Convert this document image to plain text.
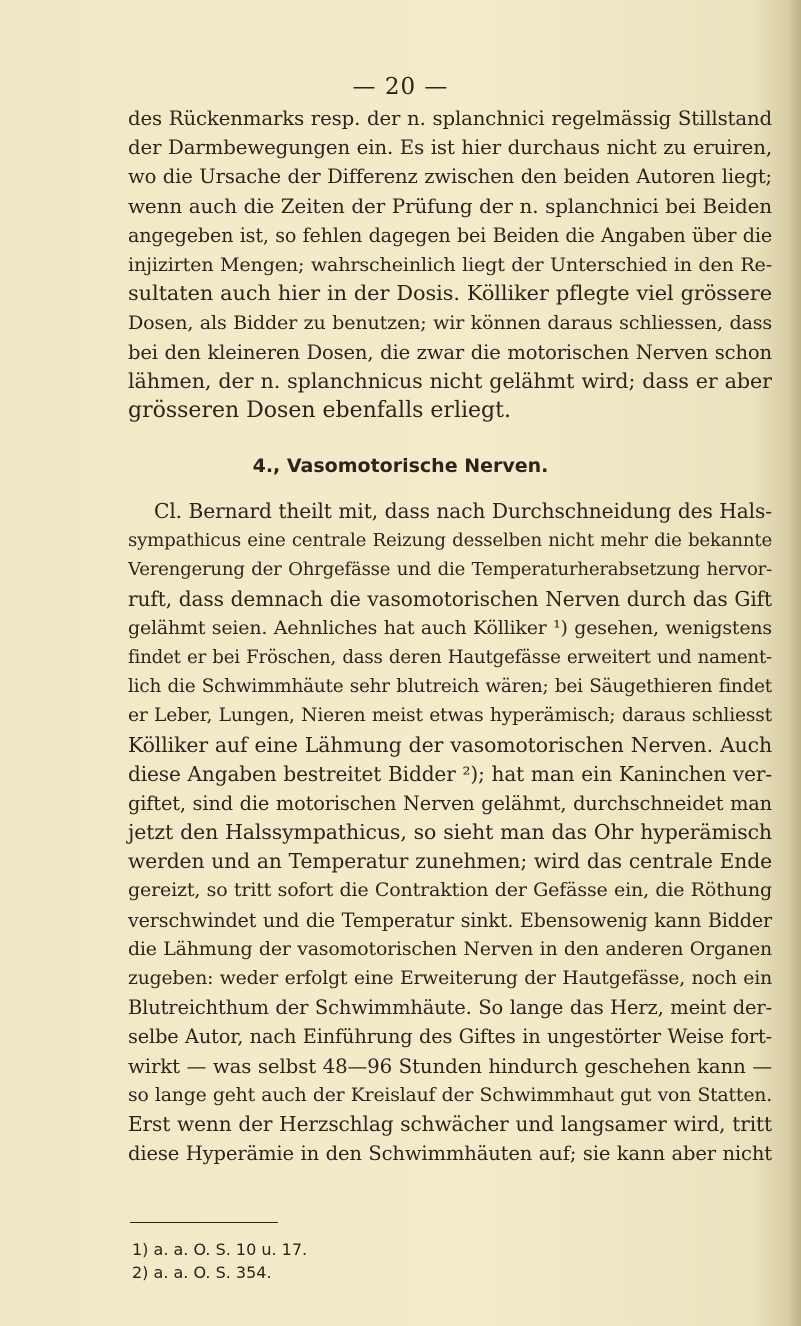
— 20 —
des Rückenmarks resp. der n. splanchnici regelmässig Stillstand
der Darmbewegungen ein. Es ist hier durchaus nicht zu eruiren,
wo die Ursache der Differenz zwischen den beiden Autoren liegt;
wenn auch die Zeiten der Prüfung der n. splanchnici bei Beiden
angegeben ist, so fehlen dagegen bei Beiden die Angaben über die
injizirten Mengen; wahrscheinlich liegt der Unterschied in den Re-
sultaten auch hier in der Dosis. Kölliker pflegte viel grössere
Dosen, als Bidder zu benutzen; wir können daraus schliessen, dass
bei den kleineren Dosen, die zwar die motorischen Nerven schon
lähmen, der n. splanchnicus nicht gelähmt wird; dass er aber
grösseren Dosen ebenfalls erliegt.
4., Vasomotorische Nerven.
Cl. Bernard theilt mit, dass nach Durchschneidung des Hals-
sympathicus eine centrale Reizung desselben nicht mehr die bekannte
Verengerung der Ohrgefässe und die Temperaturherabsetzung hervor-
ruft, dass demnach die vasomotorischen Nerven durch das Gift
gelähmt seien. Aehnliches hat auch Kölliker ¹) gesehen, wenigstens
findet er bei Fröschen, dass deren Hautgefässe erweitert und nament-
lich die Schwimmhäute sehr blutreich wären; bei Säugethieren findet
er Leber, Lungen, Nieren meist etwas hyperämisch; daraus schliesst
Kölliker auf eine Lähmung der vasomotorischen Nerven. Auch
diese Angaben bestreitet Bidder ²); hat man ein Kaninchen ver-
giftet, sind die motorischen Nerven gelähmt, durchschneidet man
jetzt den Halssympathicus, so sieht man das Ohr hyperämisch
werden und an Temperatur zunehmen; wird das centrale Ende
gereizt, so tritt sofort die Contraktion der Gefässe ein, die Röthung
verschwindet und die Temperatur sinkt. Ebensowenig kann Bidder
die Lähmung der vasomotorischen Nerven in den anderen Organen
zugeben: weder erfolgt eine Erweiterung der Hautgefässe, noch ein
Blutreichthum der Schwimmhäute. So lange das Herz, meint der-
selbe Autor, nach Einführung des Giftes in ungestörter Weise fort-
wirkt — was selbst 48—96 Stunden hindurch geschehen kann —
so lange geht auch der Kreislauf der Schwimmhaut gut von Statten.
Erst wenn der Herzschlag schwächer und langsamer wird, tritt
diese Hyperämie in den Schwimmhäuten auf; sie kann aber nicht
1) a. a. O. S. 10 u. 17.
2) a. a. O. S. 354.
